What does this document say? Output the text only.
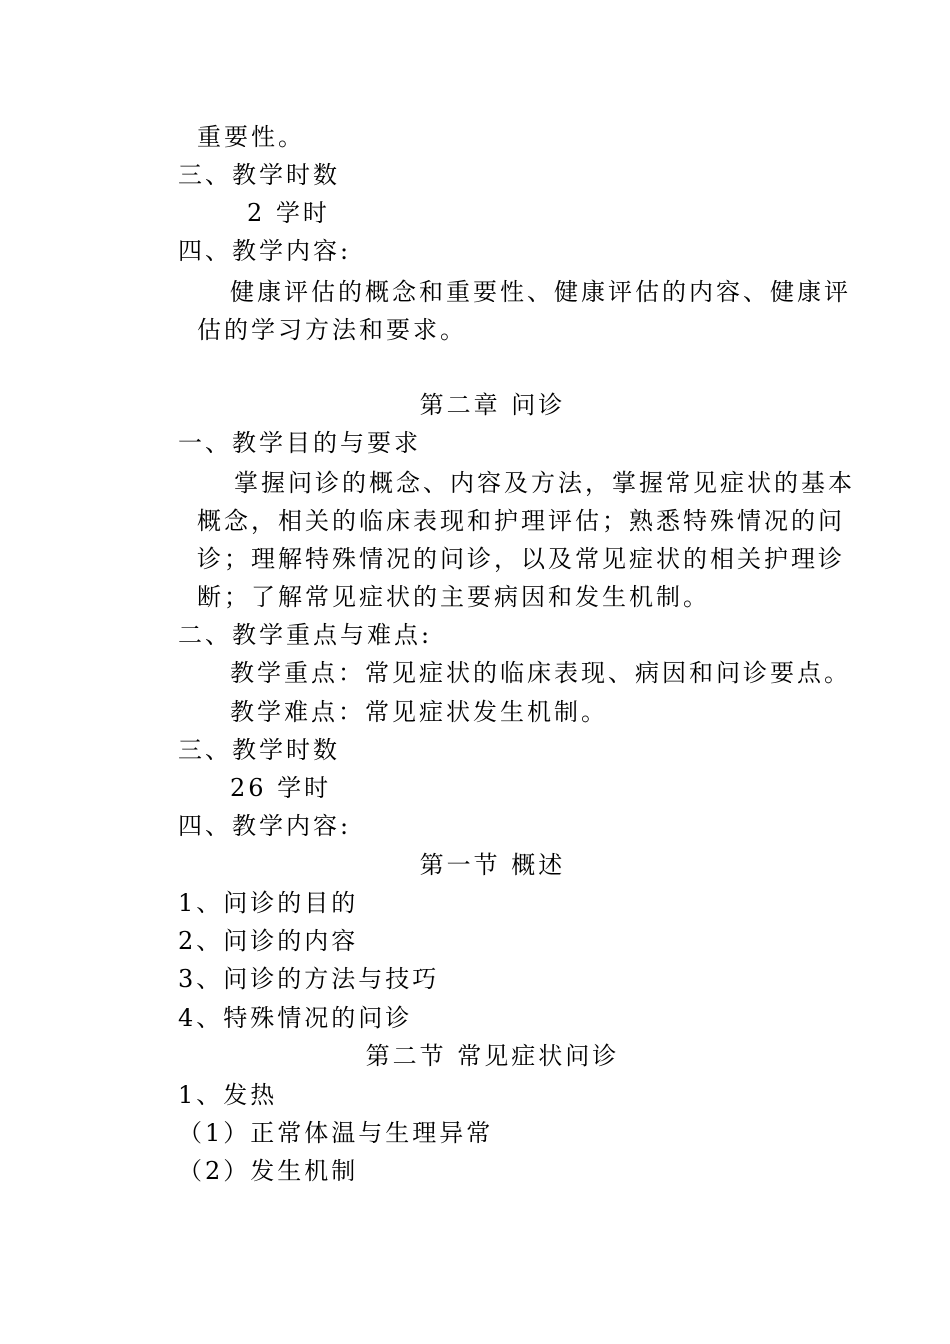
重要性。
三、教学时数
2 学时
四、教学内容:
健康评估的概念和重要性、健康评估的内容、健康评
估的学习方法和要求。
第二章 问诊
一、教学目的与要求
掌握问诊的概念、内容及方法，掌握常见症状的基本
概念，相关的临床表现和护理评估；熟悉特殊情况的问
诊；理解特殊情况的问诊，以及常见症状的相关护理诊
断；了解常见症状的主要病因和发生机制。
二、教学重点与难点:
教学重点：常见症状的临床表现、病因和问诊要点。
教学难点：常见症状发生机制。
三、教学时数
26 学时
四、教学内容:
第一节 概述
1、问诊的目的
2、问诊的内容
3、问诊的方法与技巧
4、特殊情况的问诊
第二节 常见症状问诊
1、发热
（1）正常体温与生理异常
（2）发生机制
